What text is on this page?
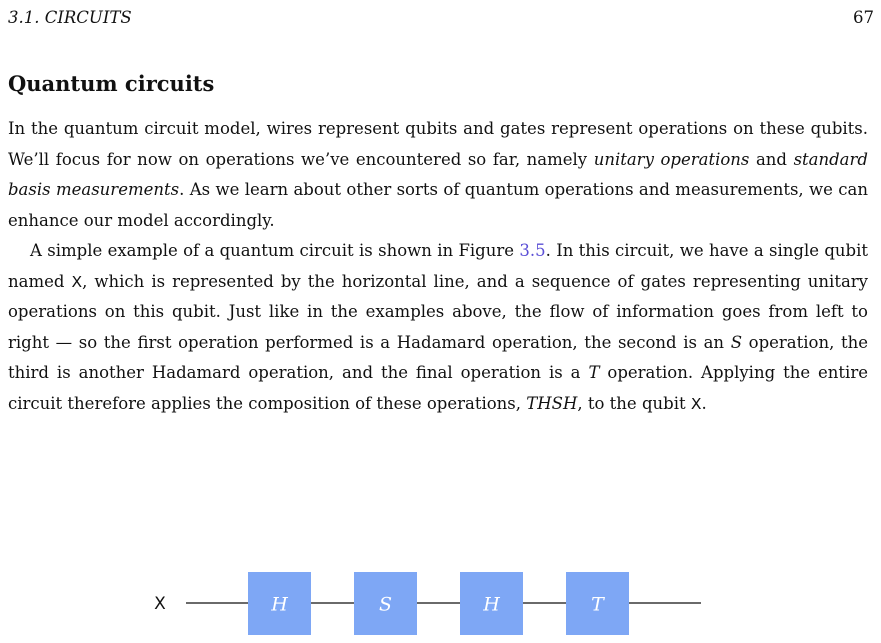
3.1. CIRCUITS	67
Quantum circuits

In the quantum circuit model, wires represent qubits and gates represent operations on these qubits. We’ll focus for now on operations we’ve encountered so far, namely unitary operations and standard basis measurements. As we learn about other sorts of quantum operations and measurements, we can enhance our model accordingly.

A simple example of a quantum circuit is shown in Figure 3.5. In this circuit, we have a single qubit named X, which is represented by the horizontal line, and a sequence of gates representing unitary operations on this qubit. Just like in the examples above, the flow of information goes from left to right — so the first operation performed is a Hadamard operation, the second is an S operation, the third is another Hadamard operation, and the final operation is a T operation. Applying the entire circuit therefore applies the composition of these operations, THSH, to the qubit X.

X	H	S	H	T
